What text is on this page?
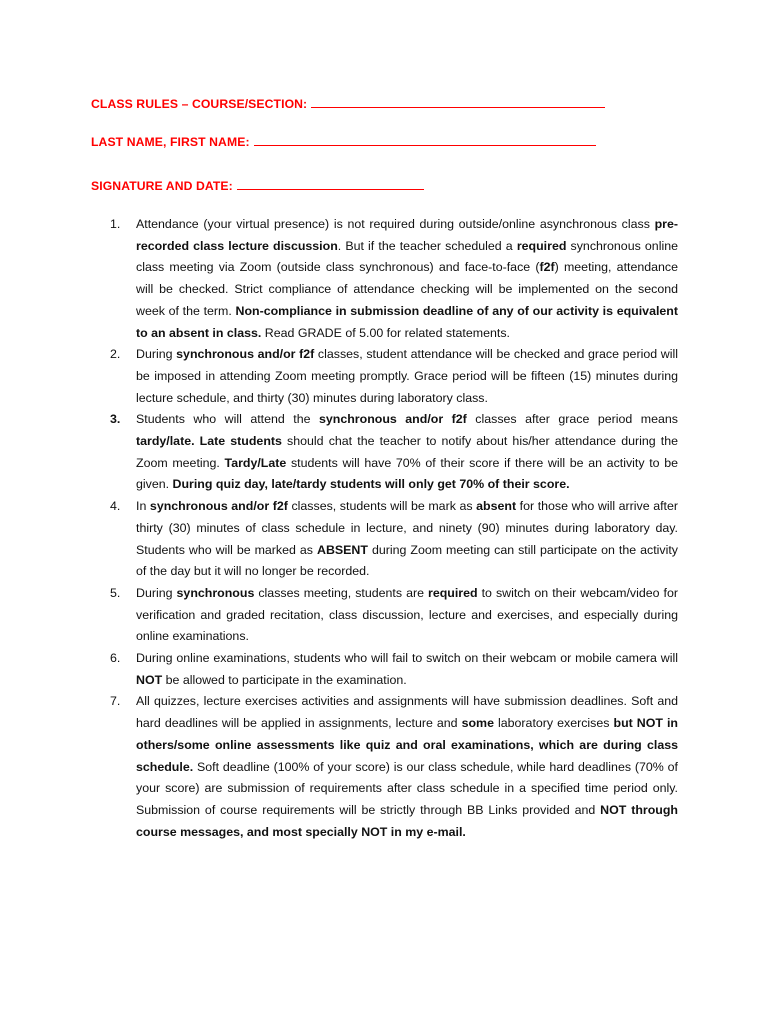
CLASS RULES – COURSE/SECTION:
LAST NAME, FIRST NAME:
SIGNATURE AND DATE:
1.	Attendance (your virtual presence) is not required during outside/online asynchronous class pre-recorded class lecture discussion. But if the teacher scheduled a required synchronous online class meeting via Zoom (outside class synchronous) and face-to-face (f2f) meeting, attendance will be checked. Strict compliance of attendance checking will be implemented on the second week of the term. Non-compliance in submission deadline of any of our activity is equivalent to an absent in class. Read GRADE of 5.00 for related statements.
2.	During synchronous and/or f2f classes, student attendance will be checked and grace period will be imposed in attending Zoom meeting promptly. Grace period will be fifteen (15) minutes during lecture schedule, and thirty (30) minutes during laboratory class.
3.	Students who will attend the synchronous and/or f2f classes after grace period means tardy/late. Late students should chat the teacher to notify about his/her attendance during the Zoom meeting. Tardy/Late students will have 70% of their score if there will be an activity to be given. During quiz day, late/tardy students will only get 70% of their score.
4.	In synchronous and/or f2f classes, students will be mark as absent for those who will arrive after thirty (30) minutes of class schedule in lecture, and ninety (90) minutes during laboratory day. Students who will be marked as ABSENT during Zoom meeting can still participate on the activity of the day but it will no longer be recorded.
5.	During synchronous classes meeting, students are required to switch on their webcam/video for verification and graded recitation, class discussion, lecture and exercises, and especially during online examinations.
6.	During online examinations, students who will fail to switch on their webcam or mobile camera will NOT be allowed to participate in the examination.
7.	All quizzes, lecture exercises activities and assignments will have submission deadlines. Soft and hard deadlines will be applied in assignments, lecture and some laboratory exercises but NOT in others/some online assessments like quiz and oral examinations, which are during class schedule. Soft deadline (100% of your score) is our class schedule, while hard deadlines (70% of your score) are submission of requirements after class schedule in a specified time period only. Submission of course requirements will be strictly through BB Links provided and NOT through course messages, and most specially NOT in my e-mail.
